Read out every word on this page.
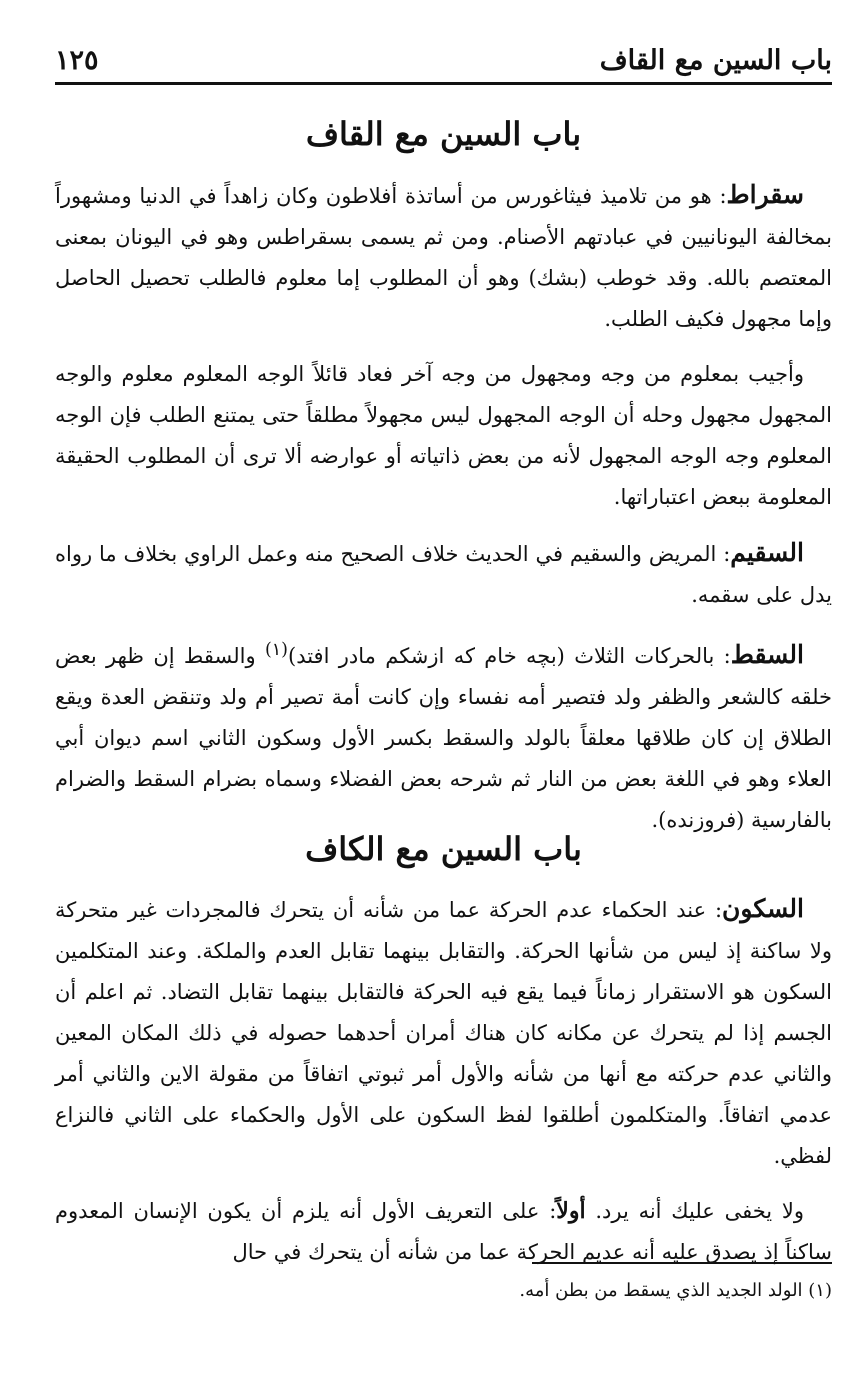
باب السين مع القاف
١٢٥
باب السين مع القاف

سقراط: هو من تلاميذ فيثاغورس من أساتذة أفلاطون وكان زاهداً في الدنيا ومشهوراً بمخالفة اليونانيين في عبادتهم الأصنام. ومن ثم يسمى بسقراطس وهو في اليونان بمعنى المعتصم بالله. وقد خوطب (بشك) وهو أن المطلوب إما معلوم فالطلب تحصيل الحاصل وإما مجهول فكيف الطلب.

وأجيب بمعلوم من وجه ومجهول من وجه آخر فعاد قائلاً الوجه المعلوم معلوم والوجه المجهول مجهول وحله أن الوجه المجهول ليس مجهولاً مطلقاً حتى يمتنع الطلب فإن الوجه المعلوم وجه الوجه المجهول لأنه من بعض ذاتياته أو عوارضه ألا ترى أن المطلوب الحقيقة المعلومة ببعض اعتباراتها.

السقيم: المريض والسقيم في الحديث خلاف الصحيح منه وعمل الراوي بخلاف ما رواه يدل على سقمه.

السقط: بالحركات الثلاث (بچه خام كه ازشكم مادر افتد)$^{(١)}$ والسقط إن ظهر بعض خلقه كالشعر والظفر ولد فتصير أمه نفساء وإن كانت أمة تصير أم ولد وتنقض العدة ويقع الطلاق إن كان طلاقها معلقاً بالولد والسقط بكسر الأول وسكون الثاني اسم ديوان أبي العلاء وهو في اللغة بعض من النار ثم شرحه بعض الفضلاء وسماه بضرام السقط والضرام بالفارسية (فروزنده).

باب السين مع الكاف

السكون: عند الحكماء عدم الحركة عما من شأنه أن يتحرك فالمجردات غير متحركة ولا ساكنة إذ ليس من شأنها الحركة. والتقابل بينهما تقابل العدم والملكة. وعند المتكلمين السكون هو الاستقرار زماناً فيما يقع فيه الحركة فالتقابل بينهما تقابل التضاد. ثم اعلم أن الجسم إذا لم يتحرك عن مكانه كان هناك أمران أحدهما حصوله في ذلك المكان المعين والثاني عدم حركته مع أنها من شأنه والأول أمر ثبوتي اتفاقاً من مقولة الاين والثاني أمر عدمي اتفاقاً. والمتكلمون أطلقوا لفظ السكون على الأول والحكماء على الثاني فالنزاع لفظي.

ولا يخفى عليك أنه يرد. أولاً: على التعريف الأول أنه يلزم أن يكون الإنسان المعدوم ساكناً إذ يصدق عليه أنه عديم الحركة عما من شأنه أن يتحرك في حال

(١) الولد الجديد الذي يسقط من بطن أمه.
